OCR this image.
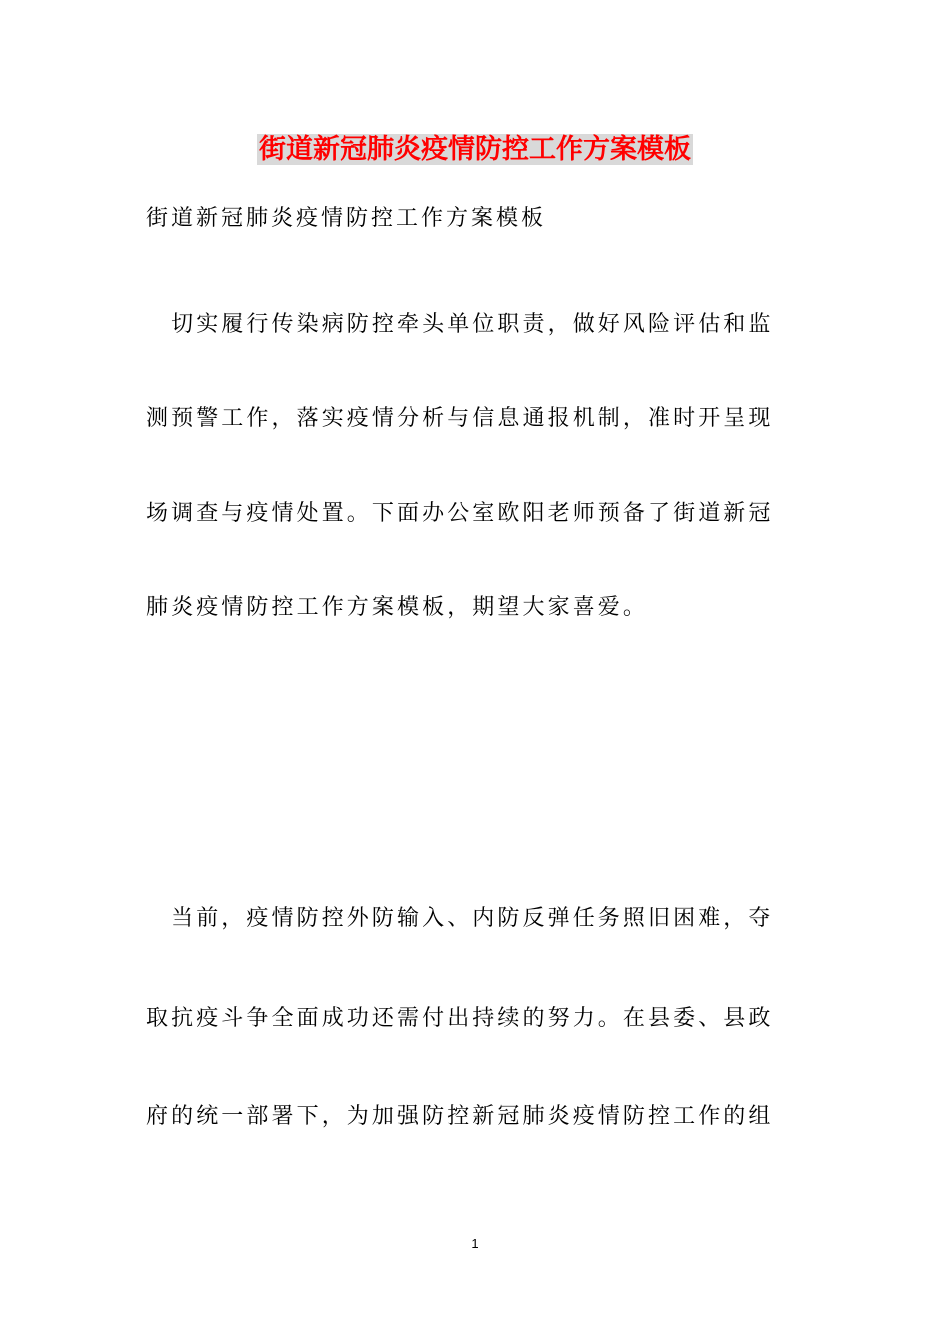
街道新冠肺炎疫情防控工作方案模板
街道新冠肺炎疫情防控工作方案模板
　切实履行传染病防控牵头单位职责，做好风险评估和监
测预警工作，落实疫情分析与信息通报机制，准时开呈现
场调查与疫情处置。下面办公室欧阳老师预备了街道新冠
肺炎疫情防控工作方案模板，期望大家喜爱。
　当前，疫情防控外防输入、内防反弹任务照旧困难，夺
取抗疫斗争全面成功还需付出持续的努力。在县委、县政
府的统一部署下，为加强防控新冠肺炎疫情防控工作的组
1
